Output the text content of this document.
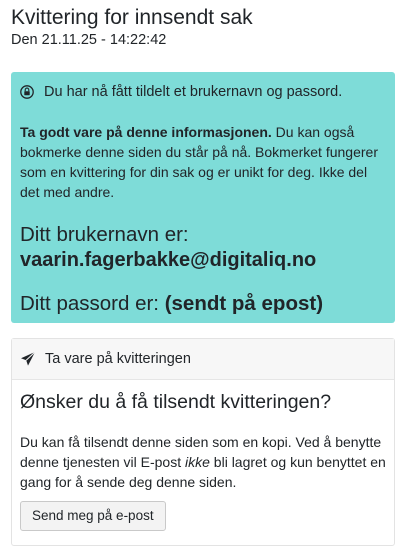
Kvittering for innsendt sak
Den 21.11.25 - 14:22:42
Du har nå fått tildelt et brukernavn og passord.
Ta godt vare på denne informasjonen. Du kan også bokmerke denne siden du står på nå. Bokmerket fungerer som en kvittering for din sak og er unikt for deg. Ikke del det med andre.
Ditt brukernavn er:
vaarin.fagerbakke@digitaliq.no
Ditt passord er: (sendt på epost)
Ta vare på kvitteringen
Ønsker du å få tilsendt kvitteringen?
Du kan få tilsendt denne siden som en kopi. Ved å benytte denne tjenesten vil E-post ikke bli lagret og kun benyttet en gang for å sende deg denne siden.
Send meg på e-post
